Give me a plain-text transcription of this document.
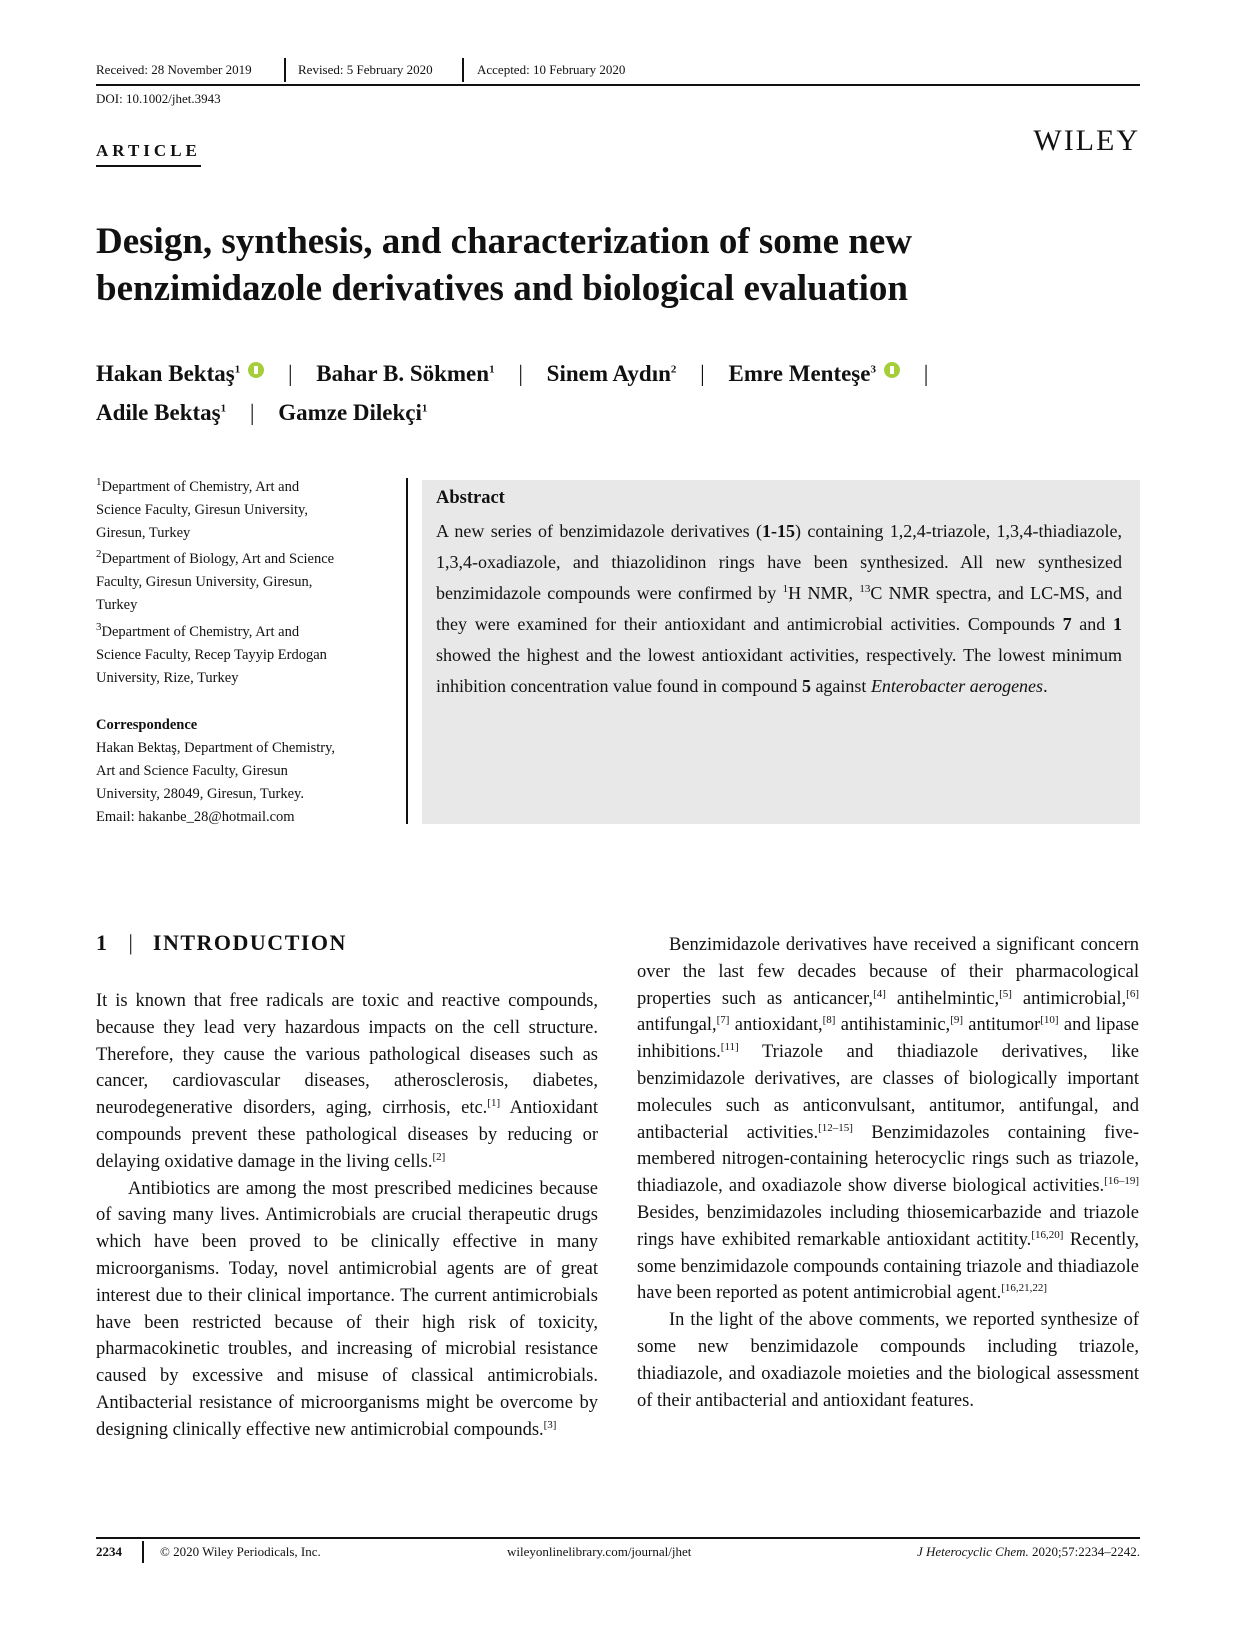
Received: 28 November 2019	Revised: 5 February 2020	Accepted: 10 February 2020
DOI: 10.1002/jhet.3943
ARTICLE	WILEY
Design, synthesis, and characterization of some new
benzimidazole derivatives and biological evaluation
Hakan Bektaş$^1$ | Bahar B. Sökmen$^1$ | Sinem Aydın$^2$ | Emre Menteşe$^3$ |
Adile Bektaş$^1$ | Gamze Dilekçi$^1$
$^1$Department of Chemistry, Art and
Science Faculty, Giresun University,
Giresun, Turkey
$^2$Department of Biology, Art and Science
Faculty, Giresun University, Giresun,
Turkey
$^3$Department of Chemistry, Art and
Science Faculty, Recep Tayyip Erdogan
University, Rize, Turkey
Correspondence
Hakan Bektaş, Department of Chemistry,
Art and Science Faculty, Giresun
University, 28049, Giresun, Turkey.
Email: hakanbe_28@hotmail.com
Abstract
A new series of benzimidazole derivatives (1-15) containing 1,2,4-triazole, 1,3,4-thiadiazole, 1,3,4-oxadiazole, and thiazolidinon rings have been synthesized. All new synthesized benzimidazole compounds were confirmed by $^1$H NMR, $^{13}$C NMR spectra, and LC-MS, and they were examined for their antioxidant and antimicrobial activities. Compounds 7 and 1 showed the highest and the lowest antioxidant activities, respectively. The lowest minimum inhibition concentration value found in compound 5 against Enterobacter aerogenes.
1 | INTRODUCTION

It is known that free radicals are toxic and reactive compounds, because they lead very hazardous impacts on the cell structure. Therefore, they cause the various pathological diseases such as cancer, cardiovascular diseases, atherosclerosis, diabetes, neurodegenerative disorders, aging, cirrhosis, etc.[1] Antioxidant compounds prevent these pathological diseases by reducing or delaying oxidative damage in the living cells.[2]

Antibiotics are among the most prescribed medicines because of saving many lives. Antimicrobials are crucial therapeutic drugs which have been proved to be clinically effective in many microorganisms. Today, novel antimicrobial agents are of great interest due to their clinical importance. The current antimicrobials have been restricted because of their high risk of toxicity, pharmacokinetic troubles, and increasing of microbial resistance caused by excessive and misuse of classical antimicrobials. Antibacterial resistance of microorganisms might be overcome by designing clinically effective new antimicrobial compounds.[3]

Benzimidazole derivatives have received a significant concern over the last few decades because of their pharmacological properties such as anticancer,[4] antihelmintic,[5] antimicrobial,[6] antifungal,[7] antioxidant,[8] antihistaminic,[9] antitumor[10] and lipase inhibitions.[11] Triazole and thiadiazole derivatives, like benzimidazole derivatives, are classes of biologically important molecules such as anticonvulsant, antitumor, antifungal, and antibacterial activities.[12–15] Benzimidazoles containing five-membered nitrogen-containing heterocyclic rings such as triazole, thiadiazole, and oxadiazole show diverse biological activities.[16–19] Besides, benzimidazoles including thiosemicarbazide and triazole rings have exhibited remarkable antioxidant actitity.[16,20] Recently, some benzimidazole compounds containing triazole and thiadiazole have been reported as potent antimicrobial agent.[16,21,22]

In the light of the above comments, we reported synthesize of some new benzimidazole compounds including triazole, thiadiazole, and oxadiazole moieties and the biological assessment of their antibacterial and antioxidant features.

2234	© 2020 Wiley Periodicals, Inc.	wileyonlinelibrary.com/journal/jhet	J Heterocyclic Chem. 2020;57:2234–2242.
